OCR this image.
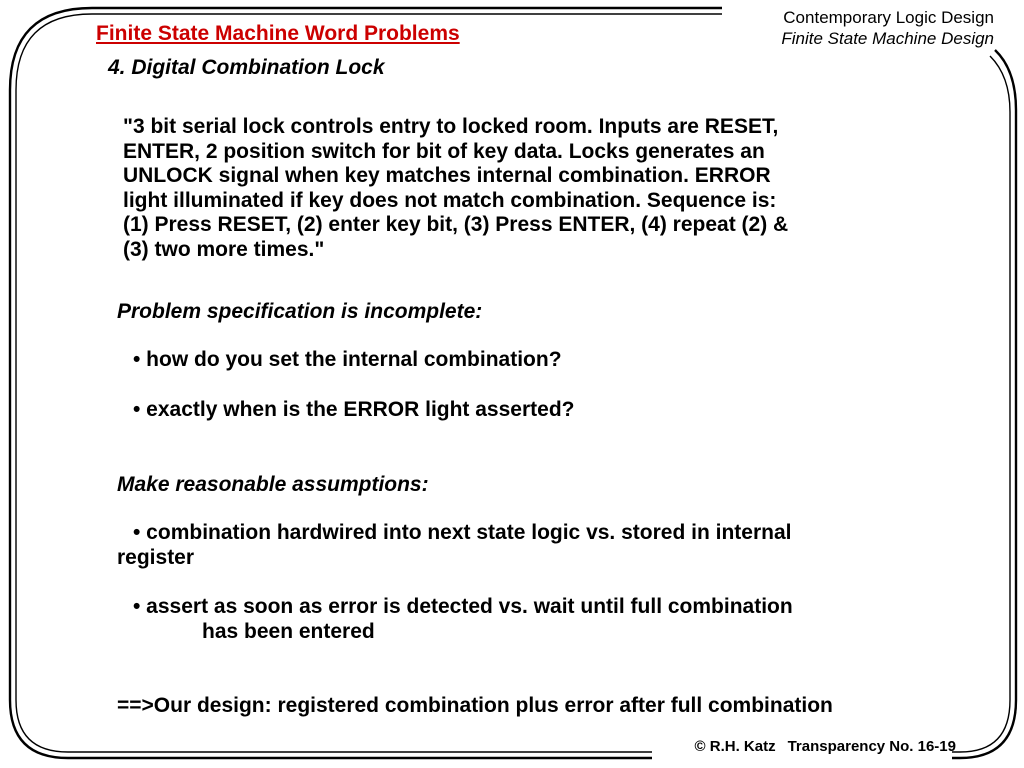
Finite State Machine Word Problems
4. Digital Combination Lock
Contemporary Logic Design
Finite State Machine Design
"3 bit serial lock controls entry to locked room. Inputs are RESET,
ENTER, 2 position switch for bit of key data. Locks generates an
UNLOCK signal when key matches internal combination. ERROR
light illuminated if key does not match combination. Sequence is:
(1) Press RESET, (2) enter key bit, (3) Press ENTER, (4) repeat (2) &
(3) two more times."
Problem specification is incomplete:
• how do you set the internal combination?
• exactly when is the ERROR light asserted?
Make reasonable assumptions:
• combination hardwired into next state logic vs. stored in internal
register
• assert as soon as error is detected vs. wait until full combination
has been entered
==>Our design: registered combination plus error after full combination
© R.H. Katz Transparency No. 16-19
